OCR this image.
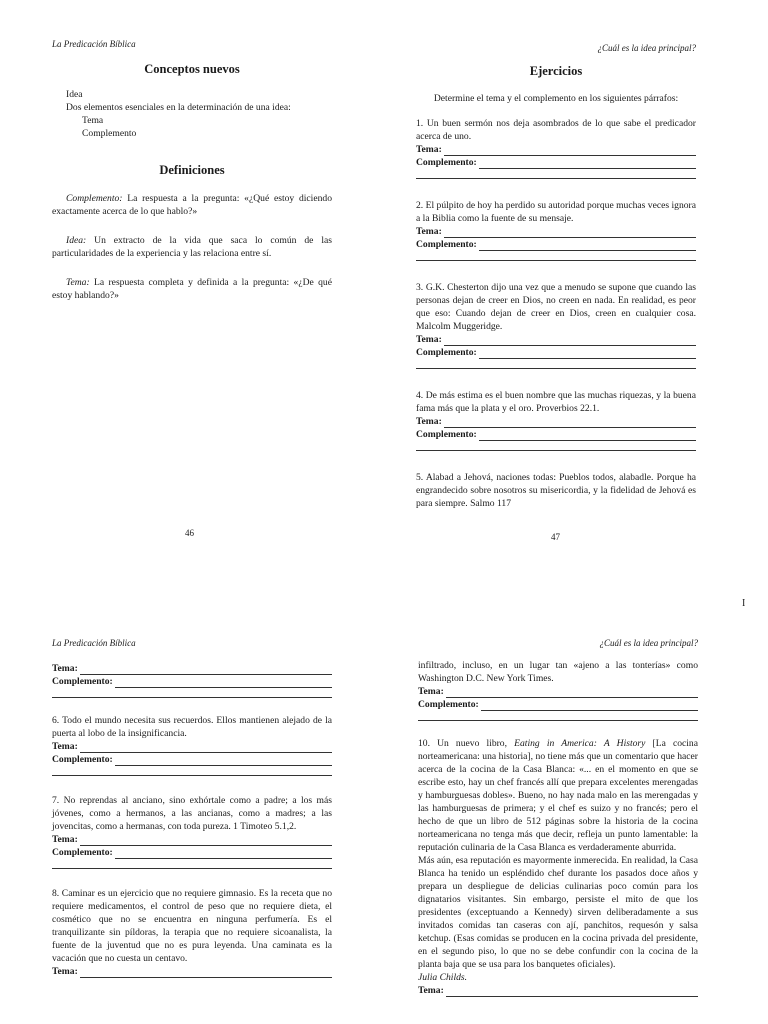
La Predicación Bíblica
Conceptos nuevos
Idea
Dos elementos esenciales en la determinación de una idea:
Tema
Complemento
Definiciones

Complemento: La respuesta a la pregunta: «¿Qué estoy diciendo exactamente acerca de lo que hablo?»

Idea: Un extracto de la vida que saca lo común de las particularidades de la experiencia y las relaciona entre sí.

Tema: La respuesta completa y definida a la pregunta: «¿De qué estoy hablando?»

46
¿Cuál es la idea principal?
Ejercicios

Determine el tema y el complemento en los siguientes párrafos:

1. Un buen sermón nos deja asombrados de lo que sabe el predicador acerca de uno.

Tema:
Complemento:

2. El púlpito de hoy ha perdido su autoridad porque muchas veces ignora a la Biblia como la fuente de su mensaje.

Tema:
Complemento:

3. G.K. Chesterton dijo una vez que a menudo se supone que cuando las personas dejan de creer en Dios, no creen en nada. En realidad, es peor que eso: Cuando dejan de creer en Dios, creen en cualquier cosa. Malcolm Muggeridge.

Tema:
Complemento:

4. De más estima es el buen nombre que las muchas riquezas, y la buena fama más que la plata y el oro. Proverbios 22.1.

Tema:
Complemento:

5. Alabad a Jehová, naciones todas: Pueblos todos, alabadle. Porque ha engrandecido sobre nosotros su misericordia, y la fidelidad de Jehová es para siempre. Salmo 117

47
La Predicación Bíblica
Tema:
Complemento:

6. Todo el mundo necesita sus recuerdos. Ellos mantienen alejado de la puerta al lobo de la insignificancia.

Tema:
Complemento:

7. No reprendas al anciano, sino exhórtale como a padre; a los más jóvenes, como a hermanos, a las ancianas, como a madres; a las jovencitas, como a hermanas, con toda pureza. 1 Timoteo 5.1,2.

Tema:
Complemento:

8. Caminar es un ejercicio que no requiere gimnasio. Es la receta que no requiere medicamentos, el control de peso que no requiere dieta, el cosmético que no se encuentra en ninguna perfumería. Es el tranquilizante sin píldoras, la terapia que no requiere sicoanalista, la fuente de la juventud que no es pura leyenda. Una caminata es la vacación que no cuesta un centavo.

Tema:
¿Cuál es la idea principal?

infiltrado, incluso, en un lugar tan «ajeno a las tonterías» como Washington D.C. New York Times.

Tema:
Complemento:

10. Un nuevo libro, Eating in America: A History [La cocina norteamericana: una historia], no tiene más que un comentario que hacer acerca de la cocina de la Casa Blanca: «... en el momento en que se escribe esto, hay un chef francés allí que prepara excelentes merengadas y hamburguesas dobles». Bueno, no hay nada malo en las merengadas y las hamburguesas de primera; y el chef es suizo y no francés; pero el hecho de que un libro de 512 páginas sobre la historia de la cocina norteamericana no tenga más que decir, refleja un punto lamentable: la reputación culinaria de la Casa Blanca es verdaderamente aburrida.

Más aún, esa reputación es mayormente inmerecida. En realidad, la Casa Blanca ha tenido un espléndido chef durante los pasados doce años y prepara un despliegue de delicias culinarias poco común para los dignatarios visitantes. Sin embargo, persiste el mito de que los presidentes (exceptuando a Kennedy) sirven deliberadamente a sus invitados comidas tan caseras con ají, panchitos, requesón y salsa ketchup. (Esas comidas se producen en la cocina privada del presidente, en el segundo piso, lo que no se debe confundir con la cocina de la planta baja que se usa para los banquetes oficiales).

Julia Childs.

Tema:
I
